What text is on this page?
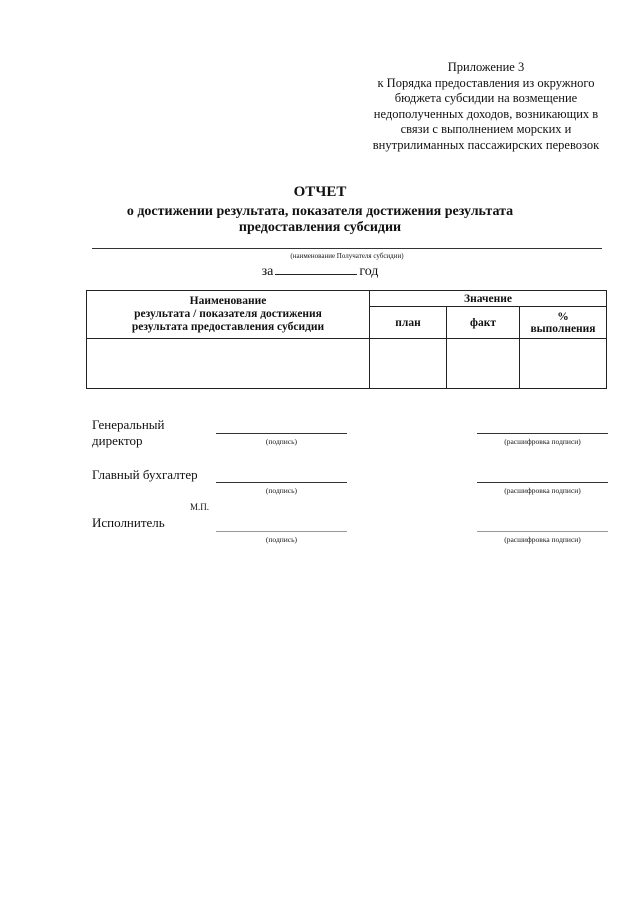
Приложение 3
к Порядка предоставления из окружного
бюджета субсидии на возмещение
недополученных доходов, возникающих в
связи с выполнением морских и
внутрилиманных пассажирских перевозок
ОТЧЕТ
о достижении результата, показателя достижения результата
предоставления субсидии
(наименование Получателя субсидии)
за	год
Наименование
результата / показателя достижения
результата предоставления субсидии	Значение		
	план	факт	%
выполнения

Генеральный
директор	(подпись)	(расшифровка подписи)
Главный бухгалтер
(подпись)	(расшифровка подписи)
М.П.
Исполнитель
(подпись)	(расшифровка подписи)
